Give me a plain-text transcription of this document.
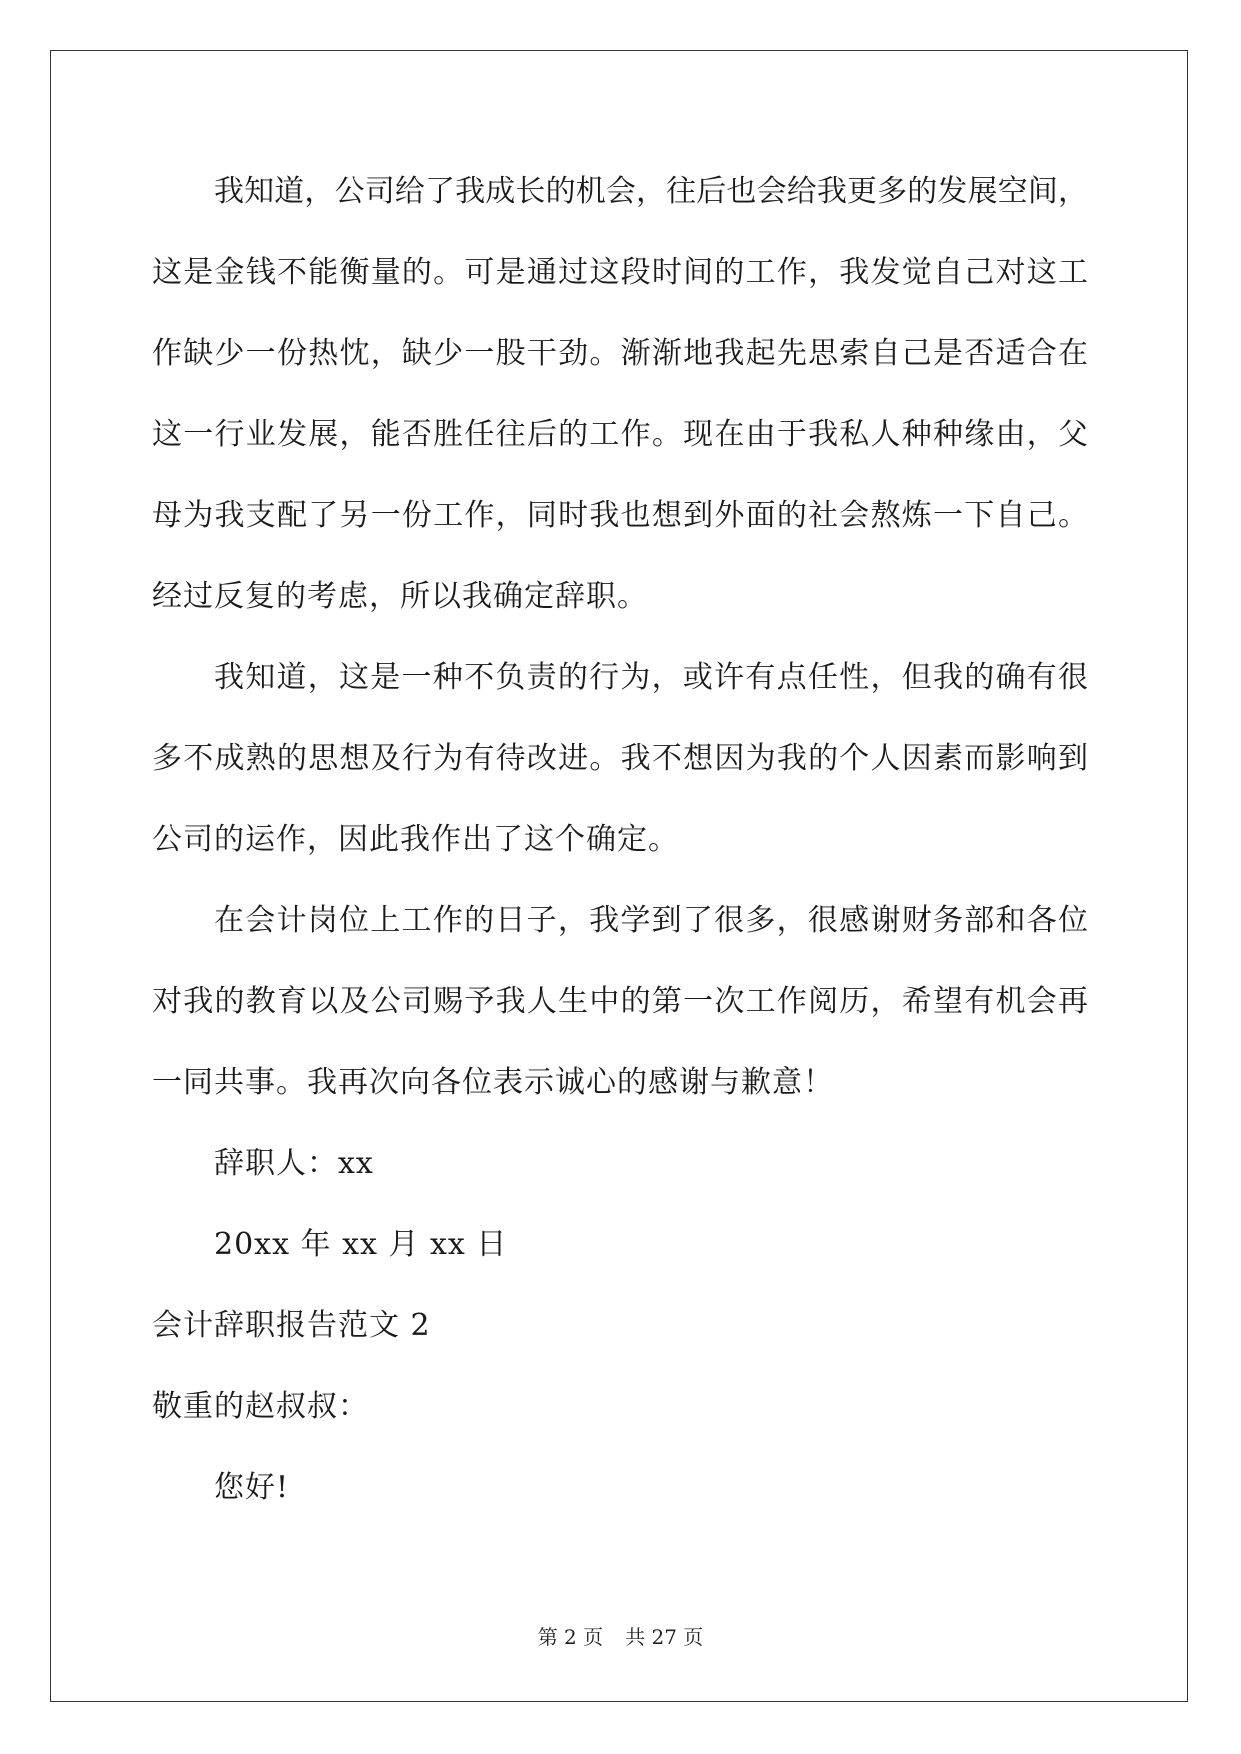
我知道，公司给了我成长的机会，往后也会给我更多的发展空间，
这是金钱不能衡量的。可是通过这段时间的工作，我发觉自己对这工
作缺少一份热忱，缺少一股干劲。渐渐地我起先思索自己是否适合在
这一行业发展，能否胜任往后的工作。现在由于我私人种种缘由，父
母为我支配了另一份工作，同时我也想到外面的社会熬炼一下自己。
经过反复的考虑，所以我确定辞职。
我知道，这是一种不负责的行为，或许有点任性，但我的确有很
多不成熟的思想及行为有待改进。我不想因为我的个人因素而影响到
公司的运作，因此我作出了这个确定。
在会计岗位上工作的日子，我学到了很多，很感谢财务部和各位
对我的教育以及公司赐予我人生中的第一次工作阅历，希望有机会再
一同共事。我再次向各位表示诚心的感谢与歉意！
辞职人：xx
20xx 年 xx 月 xx 日
会计辞职报告范文 2
敬重的赵叔叔：
您好!
第 2 页 共 27 页
